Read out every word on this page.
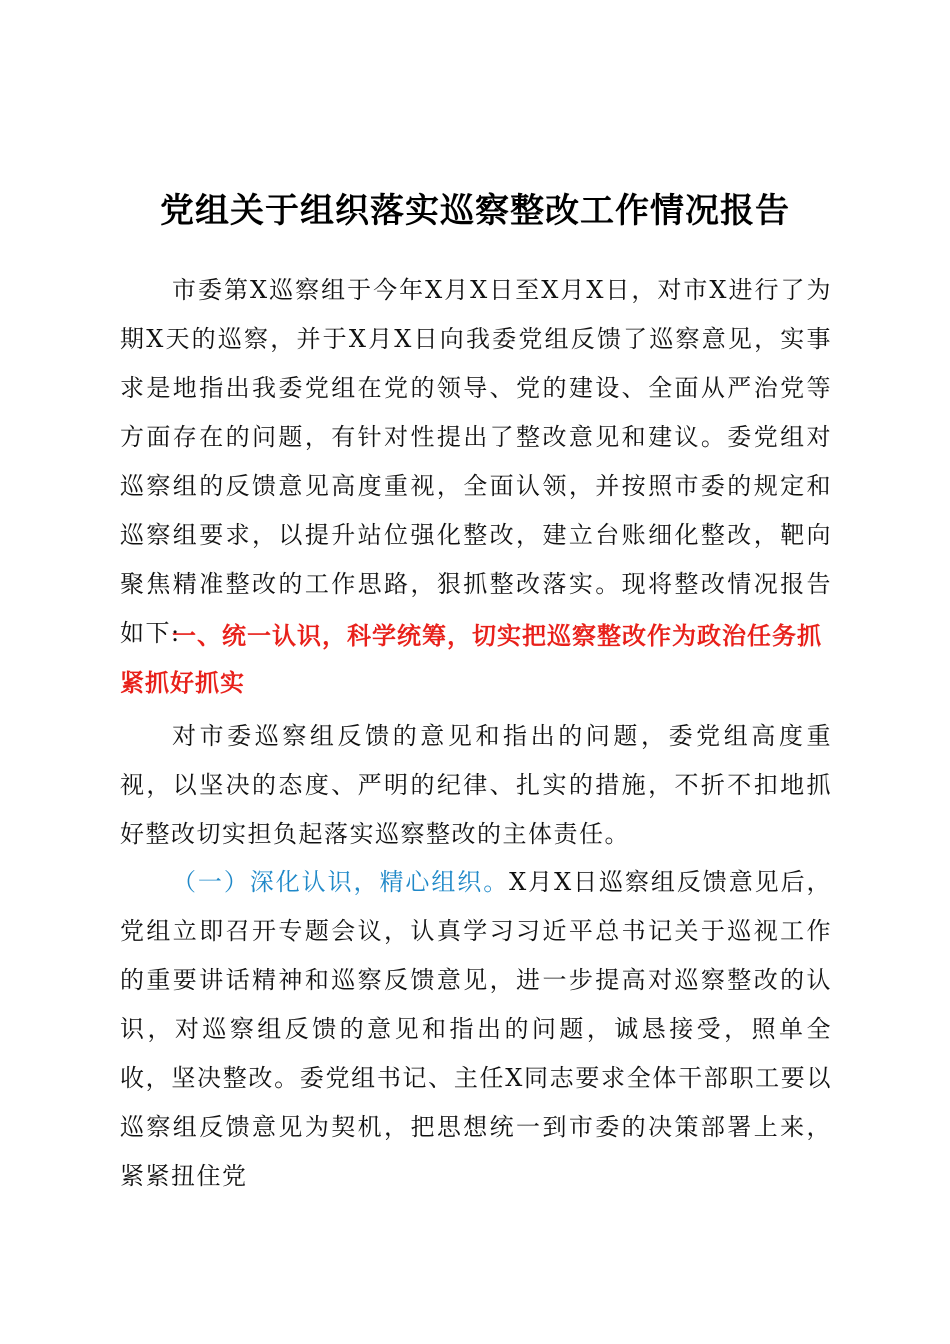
党组关于组织落实巡察整改工作情况报告

市委第X巡察组于今年X月X日至X月X日，对市X进行了为期X天的巡察，并于X月X日向我委党组反馈了巡察意见，实事求是地指出我委党组在党的领导、党的建设、全面从严治党等方面存在的问题，有针对性提出了整改意见和建议。委党组对巡察组的反馈意见高度重视，全面认领，并按照市委的规定和巡察组要求，以提升站位强化整改，建立台账细化整改，靶向聚焦精准整改的工作思路，狠抓整改落实。现将整改情况报告如下:

一、统一认识，科学统筹，切实把巡察整改作为政治任务抓紧抓好抓实

对市委巡察组反馈的意见和指出的问题，委党组高度重视，以坚决的态度、严明的纪律、扎实的措施，不折不扣地抓好整改切实担负起落实巡察整改的主体责任。

（一）深化认识，精心组织。X月X日巡察组反馈意见后，党组立即召开专题会议，认真学习习近平总书记关于巡视工作的重要讲话精神和巡察反馈意见，进一步提高对巡察整改的认识，对巡察组反馈的意见和指出的问题，诚恳接受，照单全收，坚决整改。委党组书记、主任X同志要求全体干部职工要以巡察组反馈意见为契机，把思想统一到市委的决策部署上来，紧紧扭住党
